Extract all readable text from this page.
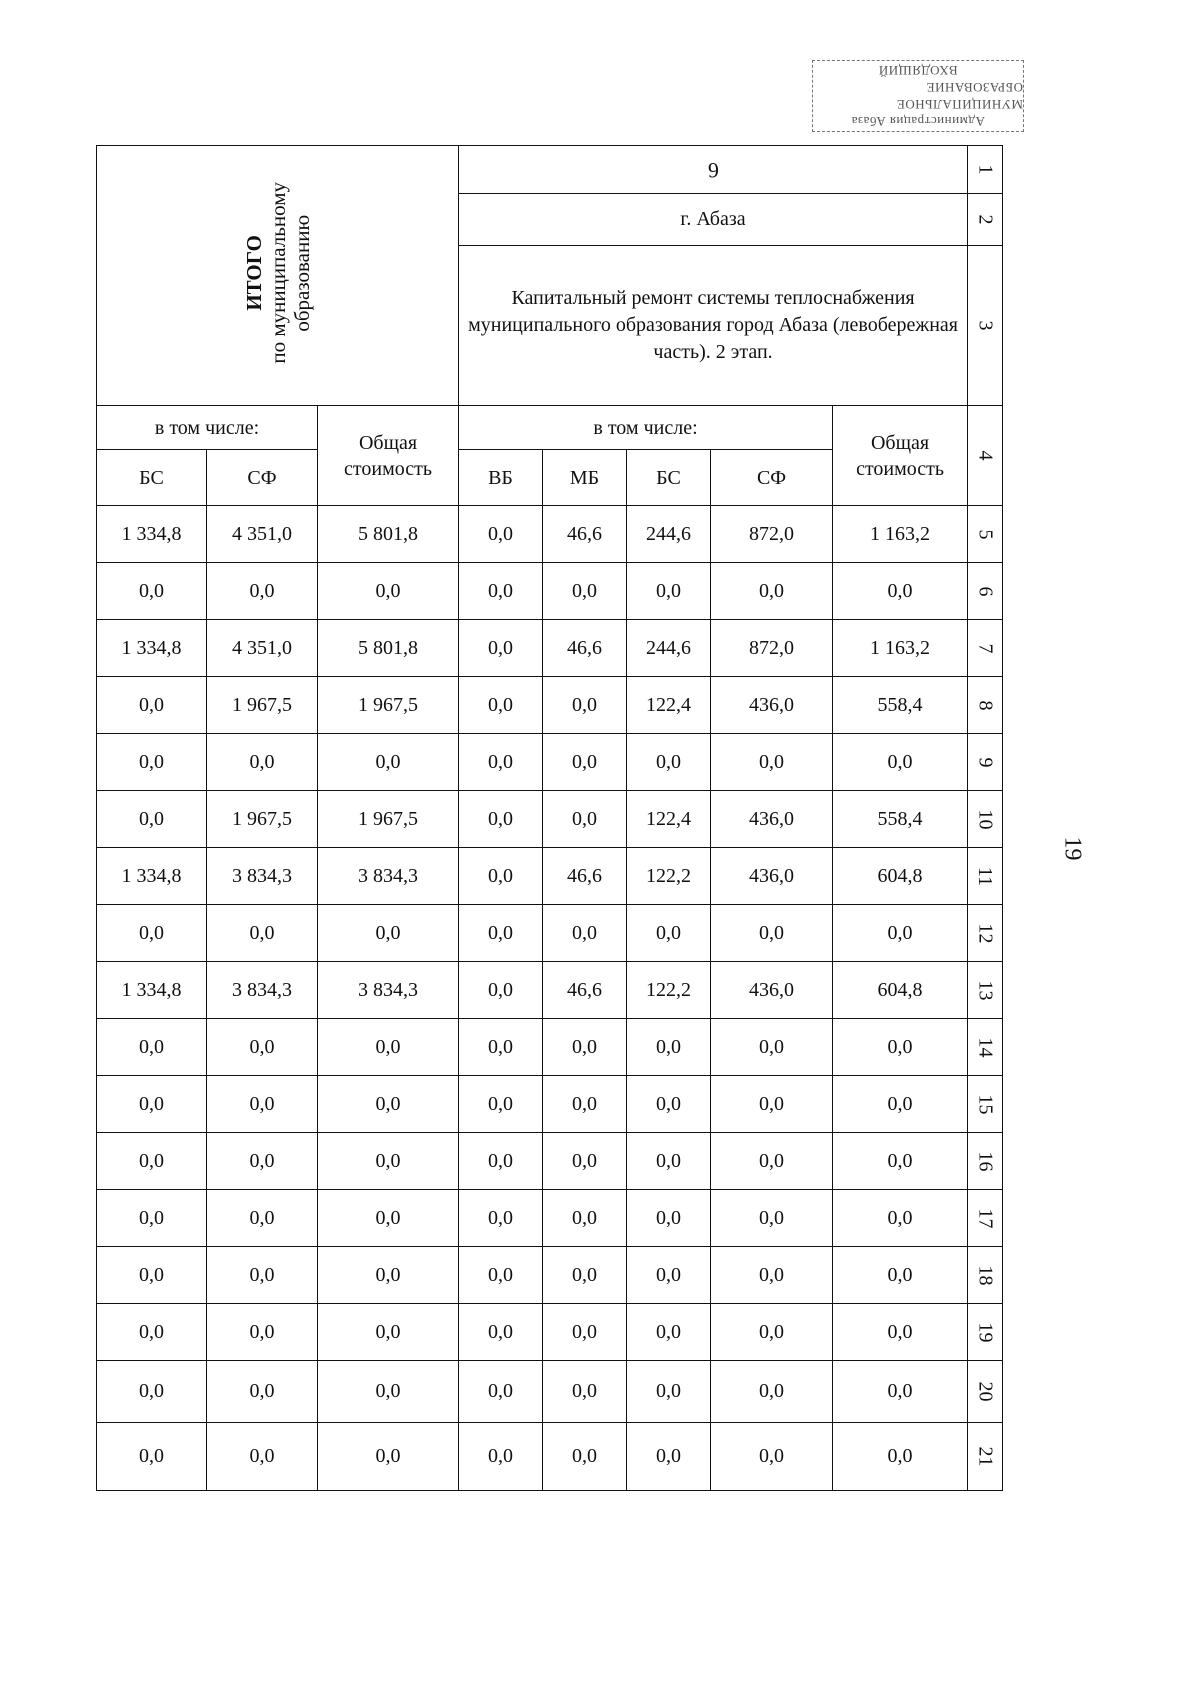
Администрация Абаза
МУНИЦИПАЛЬНОЕ ОБРАЗОВАНИЕ
ВХОДЯЩИЙ
19
ИТОГО
по муниципальному
образованию			6					1
			г. Абаза					2
			Капитальный ремонт системы теплоснабжения муниципального образования город Абаза (левобережная часть). 2 этап.					3
в том числе:		Общая стоимость	в том числе:				Общая стоимость	4
БС	СФ		ВБ	МБ	БС	СФ		
1 334,8	4 351,0	5 801,8	0,0	46,6	244,6	872,0	1 163,2	5
0,0	0,0	0,0	0,0	0,0	0,0	0,0	0,0	6
1 334,8	4 351,0	5 801,8	0,0	46,6	244,6	872,0	1 163,2	7
0,0	1 967,5	1 967,5	0,0	0,0	122,4	436,0	558,4	8
0,0	0,0	0,0	0,0	0,0	0,0	0,0	0,0	9
0,0	1 967,5	1 967,5	0,0	0,0	122,4	436,0	558,4	10
1 334,8	3 834,3	3 834,3	0,0	46,6	122,2	436,0	604,8	11
0,0	0,0	0,0	0,0	0,0	0,0	0,0	0,0	12
1 334,8	3 834,3	3 834,3	0,0	46,6	122,2	436,0	604,8	13
0,0	0,0	0,0	0,0	0,0	0,0	0,0	0,0	14
0,0	0,0	0,0	0,0	0,0	0,0	0,0	0,0	15
0,0	0,0	0,0	0,0	0,0	0,0	0,0	0,0	16
0,0	0,0	0,0	0,0	0,0	0,0	0,0	0,0	17
0,0	0,0	0,0	0,0	0,0	0,0	0,0	0,0	18
0,0	0,0	0,0	0,0	0,0	0,0	0,0	0,0	19
0,0	0,0	0,0	0,0	0,0	0,0	0,0	0,0	20
0,0	0,0	0,0	0,0	0,0	0,0	0,0	0,0	21
